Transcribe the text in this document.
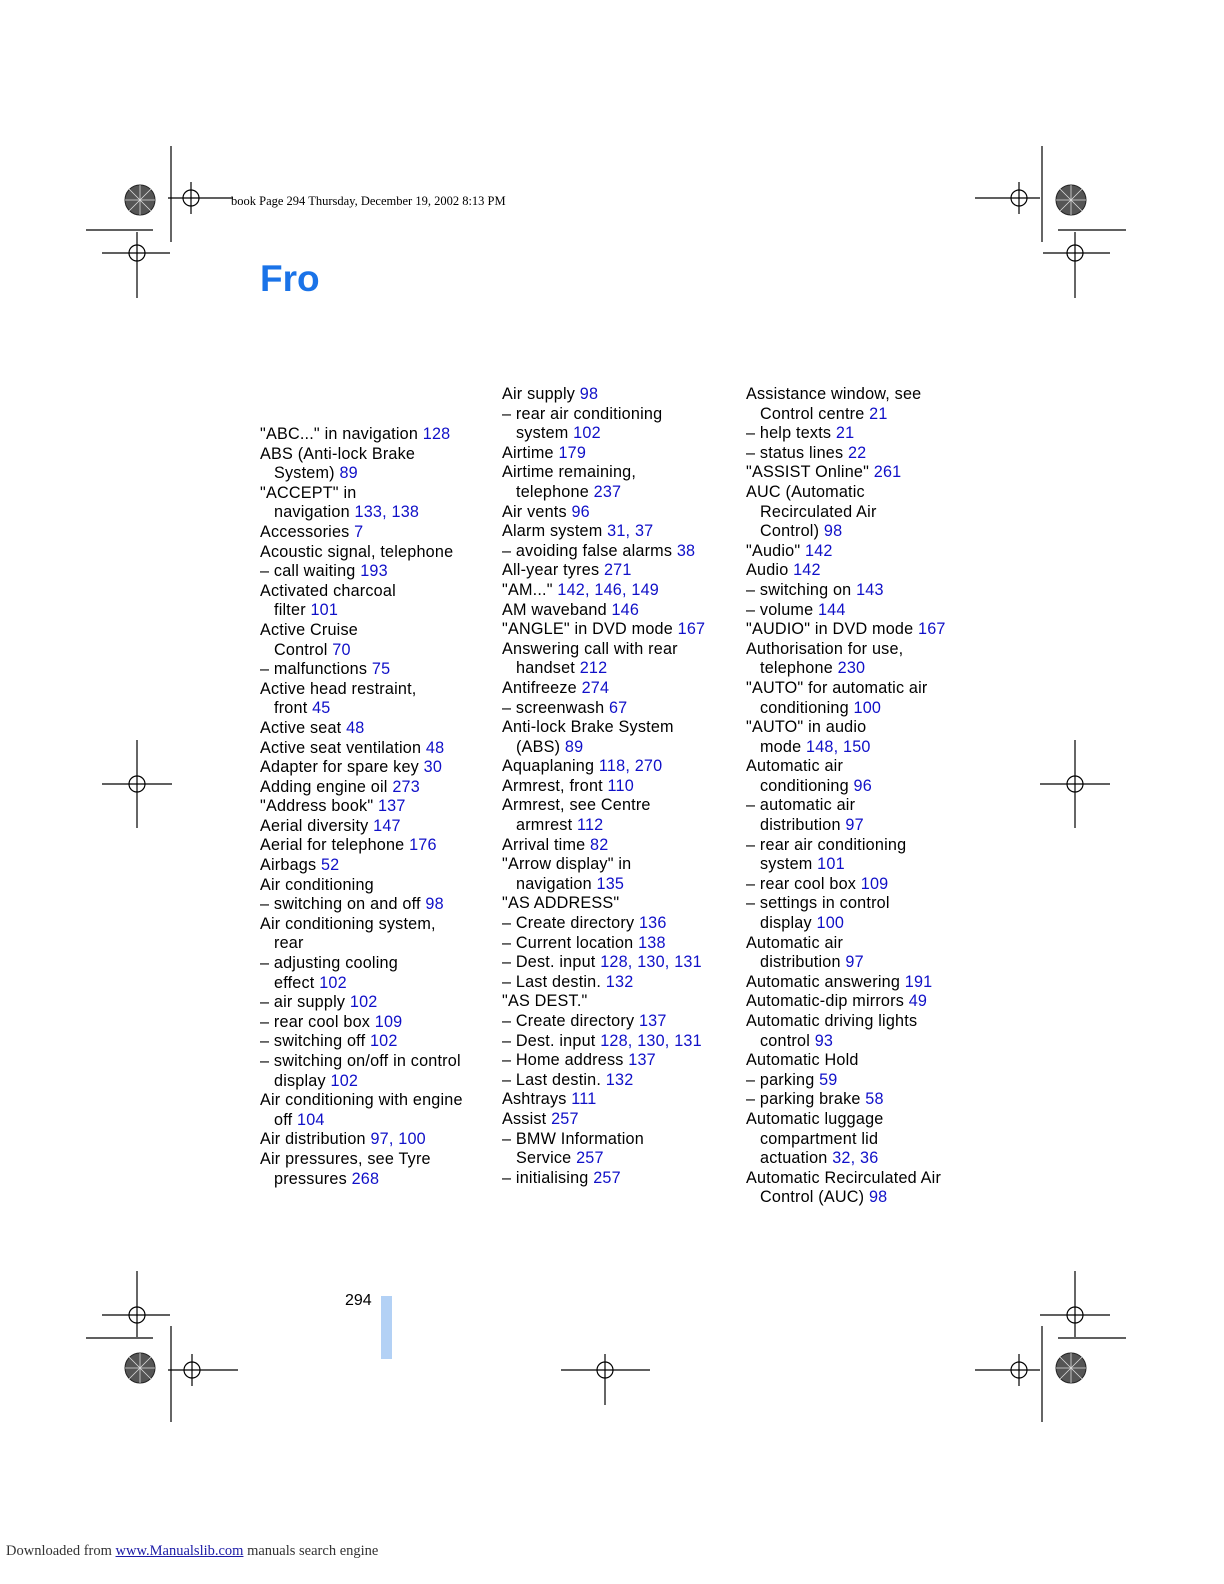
book Page 294 Thursday, December 19, 2002 8:13 PM
Fro
"ABC..." in navigation 128
ABS (Anti-lock Brake
System) 89
"ACCEPT" in
navigation 133, 138
Accessories 7
Acoustic signal, telephone
– call waiting 193
Activated charcoal
filter 101
Active Cruise
Control 70
– malfunctions 75
Active head restraint,
front 45
Active seat 48
Active seat ventilation 48
Adapter for spare key 30
Adding engine oil 273
"Address book" 137
Aerial diversity 147
Aerial for telephone 176
Airbags 52
Air conditioning
– switching on and off 98
Air conditioning system,
rear
– adjusting cooling
effect 102
– air supply 102
– rear cool box 109
– switching off 102
– switching on/off in control
display 102
Air conditioning with engine
off 104
Air distribution 97, 100
Air pressures, see Tyre
pressures 268
Air supply 98
– rear air conditioning
system 102
Airtime 179
Airtime remaining,
telephone 237
Air vents 96
Alarm system 31, 37
– avoiding false alarms 38
All-year tyres 271
"AM..." 142, 146, 149
AM waveband 146
"ANGLE" in DVD mode 167
Answering call with rear
handset 212
Antifreeze 274
– screenwash 67
Anti-lock Brake System
(ABS) 89
Aquaplaning 118, 270
Armrest, front 110
Armrest, see Centre
armrest 112
Arrival time 82
"Arrow display" in
navigation 135
"AS ADDRESS"
– Create directory 136
– Current location 138
– Dest. input 128, 130, 131
– Last destin. 132
"AS DEST."
– Create directory 137
– Dest. input 128, 130, 131
– Home address 137
– Last destin. 132
Ashtrays 111
Assist 257
– BMW Information
Service 257
– initialising 257
Assistance window, see
Control centre 21
– help texts 21
– status lines 22
"ASSIST Online" 261
AUC (Automatic
Recirculated Air
Control) 98
"Audio" 142
Audio 142
– switching on 143
– volume 144
"AUDIO" in DVD mode 167
Authorisation for use,
telephone 230
"AUTO" for automatic air
conditioning 100
"AUTO" in audio
mode 148, 150
Automatic air
conditioning 96
– automatic air
distribution 97
– rear air conditioning
system 101
– rear cool box 109
– settings in control
display 100
Automatic air
distribution 97
Automatic answering 191
Automatic-dip mirrors 49
Automatic driving lights
control 93
Automatic Hold
– parking 59
– parking brake 58
Automatic luggage
compartment lid
actuation 32, 36
Automatic Recirculated Air
Control (AUC) 98
294
Downloaded from www.Manualslib.com manuals search engine
